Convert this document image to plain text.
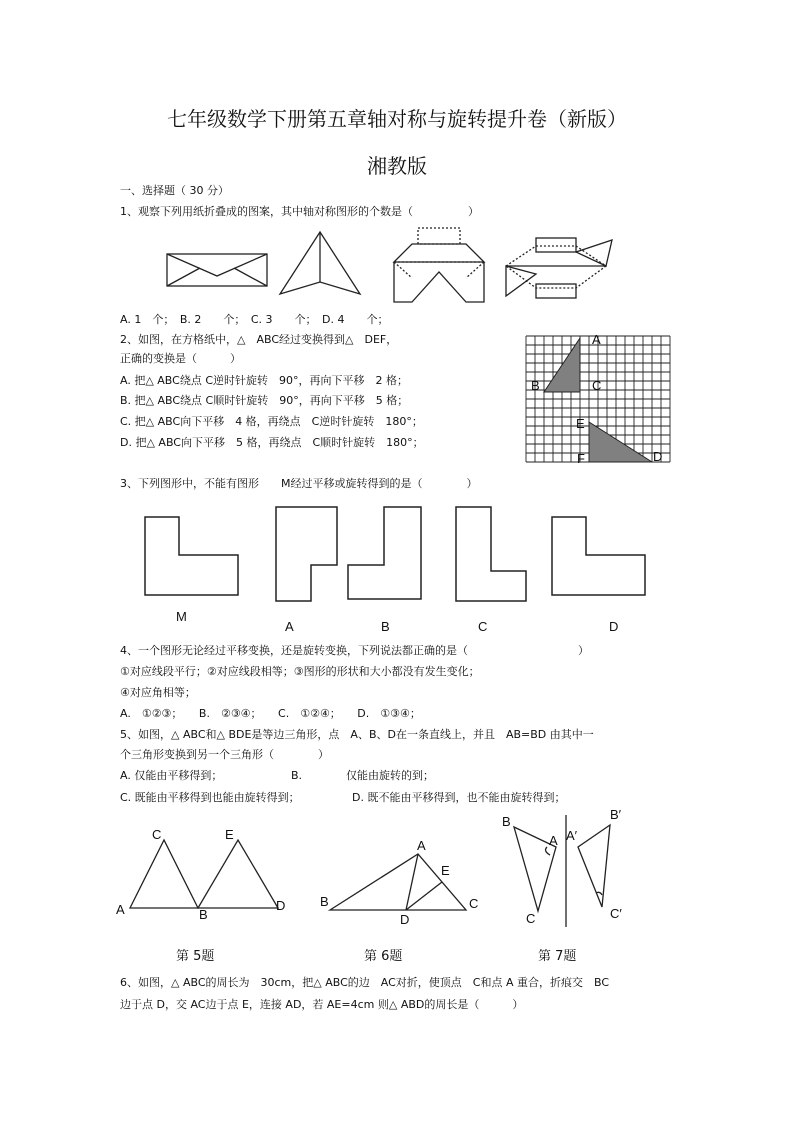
七年级数学下册第五章轴对称与旋转提升卷（新版）
湘教版
一、选择题（ 30 分）
1、观察下列用纸折叠成的图案，其中轴对称图形的个数是（　　　　　）
A. 1　个；　B. 2　　个；　C. 3　　个；　D. 4　　个；
2、如图，在方格纸中，△　ABC经过变换得到△　DEF，
正确的变换是（　　　）
A. 把△ ABC绕点 C逆时针旋转　90°，再向下平移　2 格；
B. 把△ ABC绕点 C顺时针旋转　90°，再向下平移　5 格；
C. 把△ ABC向下平移　4 格，再绕点　C逆时针旋转　180°；
D. 把△ ABC向下平移　5 格，再绕点　C顺时针旋转　180°；
A
B	C
E
F	D
3、下列图形中，不能有图形　　M经过平移或旋转得到的是（　　　　）
M
A	B	C	D
4、一个图形无论经过平移变换，还是旋转变换，下列说法都正确的是（　　　　　　　　　　）
①对应线段平行；②对应线段相等；③图形的形状和大小都没有发生变化；
④对应角相等；
A.　①②③；　　B.　②③④；　　C.　①②④；　　D.　①③④；
5、如图，△ ABC和△ BDE是等边三角形，点　A、B、D在一条直线上，并且　AB=BD 由其中一
个三角形变换到另一个三角形（　　　　）
A. 仅能由平移得到；	B.　　　　仅能由旋转的到；
C. 既能由平移得到也能由旋转得到；	D. 既不能由平移得到，也不能由旋转得到；
C	E
A	B
D
第 5题
A
E
B
D
C
第 6题
B
A
C
A′
B′
C′
第 7题
6、如图，△ ABC的周长为　30cm，把△ ABC的边　AC对折，使顶点　C和点 A 重合，折痕交　BC
边于点 D，交 AC边于点 E，连接 AD，若 AE=4cm 则△ ABD的周长是（　　　）
